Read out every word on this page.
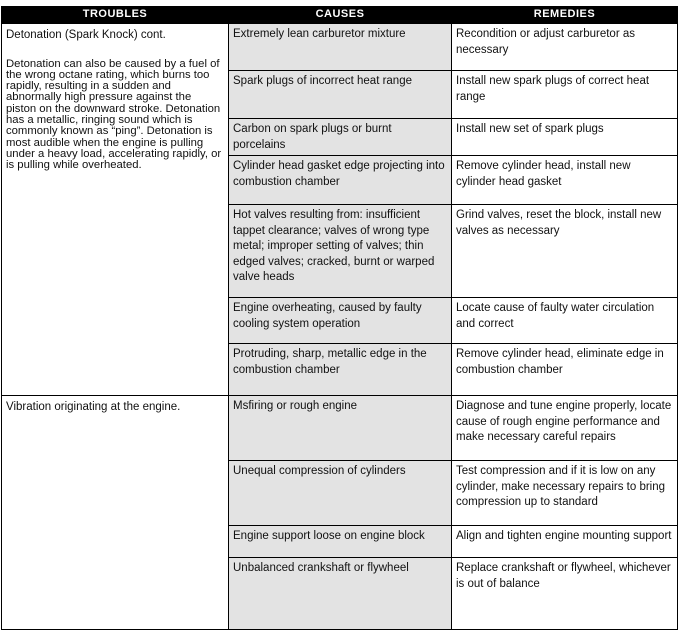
TROUBLES	CAUSES	REMEDIES

Detonation (Spark Knock) cont.
Detonation can also be caused by a fuel of the wrong octane rating, which burns too rapidly, resulting in a sudden and abnormally high pressure against the piston on the downward stroke. Detonation has a metallic, ringing sound which is commonly known as “ping”. Detonation is most audible when the engine is pulling under a heavy load, accelerating rapidly, or is pulling while overheated.	Extremely lean carburetor mixture	Recondition or adjust carburetor as necessary
	Spark plugs of incorrect heat range	Install new spark plugs of correct heat range
	Carbon on spark plugs or burnt porcelains	Install new set of spark plugs
	Cylinder head gasket edge projecting into combustion chamber	Remove cylinder head, install new cylinder head gasket
	Hot valves resulting from: insufficient tappet clearance; valves of wrong type metal; improper setting of valves; thin edged valves; cracked, burnt or warped valve heads	Grind valves, reset the block, install new valves as necessary
	Engine overheating, caused by faulty cooling system operation	Locate cause of faulty water circulation and correct
	Protruding, sharp, metallic edge in the combustion chamber	Remove cylinder head, eliminate edge in combustion chamber

Vibration originating at the engine.	Msfiring or rough engine	Diagnose and tune engine properly, locate cause of rough engine performance and make necessary careful repairs
	Unequal compression of cylinders	Test compression and if it is low on any cylinder, make necessary repairs to bring compression up to standard
	Engine support loose on engine block	Align and tighten engine mounting support
	Unbalanced crankshaft or flywheel	Replace crankshaft or flywheel, whichever is out of balance
